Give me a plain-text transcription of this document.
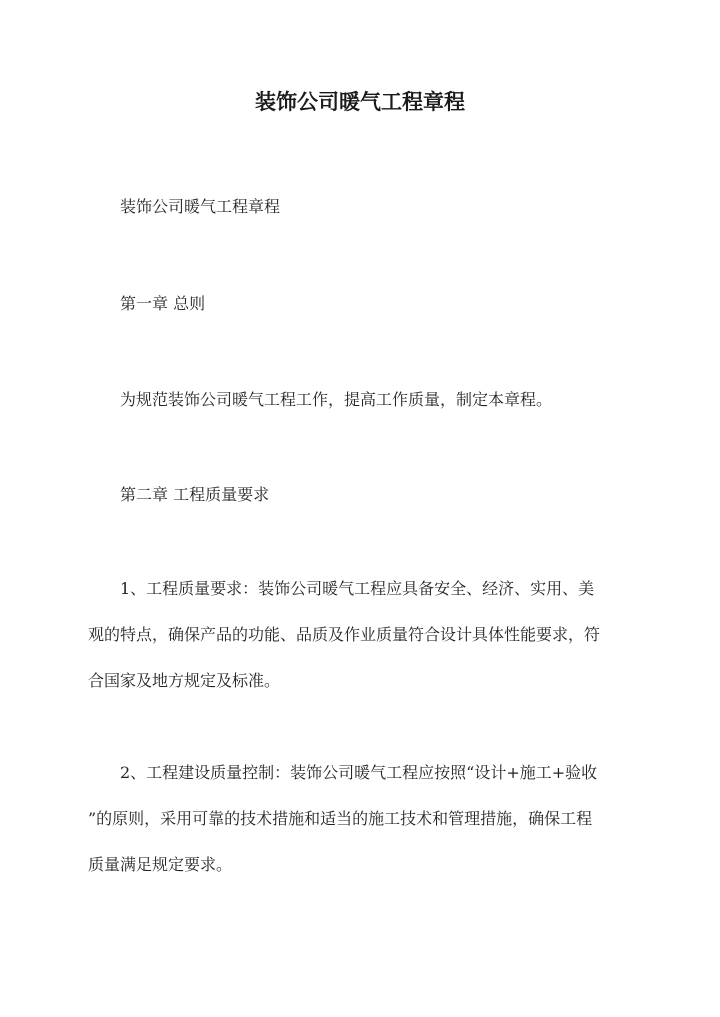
装饰公司暖气工程章程

装饰公司暖气工程章程

第一章 总则

为规范装饰公司暖气工程工作，提高工作质量，制定本章程。

第二章 工程质量要求

1、工程质量要求：装饰公司暖气工程应具备安全、经济、实用、美
观的特点，确保产品的功能、品质及作业质量符合设计具体性能要求，符
合国家及地方规定及标准。
2、工程建设质量控制：装饰公司暖气工程应按照“设计+施工+验收
”的原则，采用可靠的技术措施和适当的施工技术和管理措施，确保工程
质量满足规定要求。
